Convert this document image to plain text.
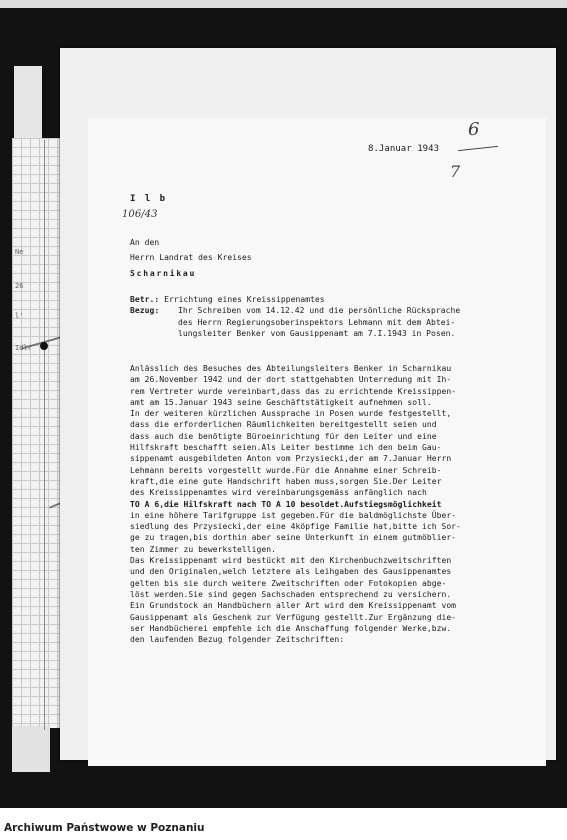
Ne
26
l'
Idlr
6
7
8.Januar 1943
I l b
106/43
An den
Herrn Landrat des Kreises
Scharnikau
Betr.: Errichtung eines Kreissippenamtes
Bezug:	Ihr Schreiben vom 14.12.42 und die persönliche Rücksprache
des Herrn Regierungsoberinspektors Lehmann mit dem Abtei-
lungsleiter Benker vom Gausippenamt am 7.I.1943 in Posen.
Anlässlich des Besuches des Abteilungsleiters Benker in Scharnikau
am 26.November 1942 und der dort stattgehabten Unterredung mit Ih-
rem Vertreter wurde vereinbart,dass das zu errichtende Kreissippen-
amt am 15.Januar 1943 seine Geschäftstätigkeit aufnehmen soll.
In der weiteren kürzlichen Aussprache in Posen wurde festgestellt,
dass die erforderlichen Räumlichkeiten bereitgestellt seien und
dass auch die benötigte Büroeinrichtung für den Leiter und eine
Hilfskraft beschafft seien.Als Leiter bestimme ich den beim Gau-
sippenamt ausgebildeten Anton vom Przysiecki,der am 7.Januar Herrn
Lehmann bereits vorgestellt wurde.Für die Annahme einer Schreib-
kraft,die eine gute Handschrift haben muss,sorgen Sie.Der Leiter
des Kreissippenamtes wird vereinbarungsgemäss anfänglich nach
TO A 6,die Hilfskraft nach TO A 10 besoldet.Aufstiegsmöglichkeit
in eine höhere Tarifgruppe ist gegeben.Für die baldmöglichste Über-
siedlung des Przysiecki,der eine 4köpfige Familie hat,bitte ich Sor-
ge zu tragen,bis dorthin aber seine Unterkunft in einem gutmöblier-
ten Zimmer zu bewerkstelligen.
Das Kreissippenamt wird bestückt mit den Kirchenbuchzweitschriften
und den Originalen,welch letztere als Leihgaben des Gausippenamtes
gelten bis sie durch weitere Zweitschriften oder Fotokopien abge-
löst werden.Sie sind gegen Sachschaden entsprechend zu versichern.
Ein Grundstock an Handbüchern aller Art wird dem Kreissippenamt vom
Gausippenamt als Geschenk zur Verfügung gestellt.Zur Ergänzung die-
ser Handbücherei empfehle ich die Anschaffung folgender Werke,bzw.
den laufenden Bezug folgender Zeitschriften:
Archiwum Państwowe w Poznaniu
